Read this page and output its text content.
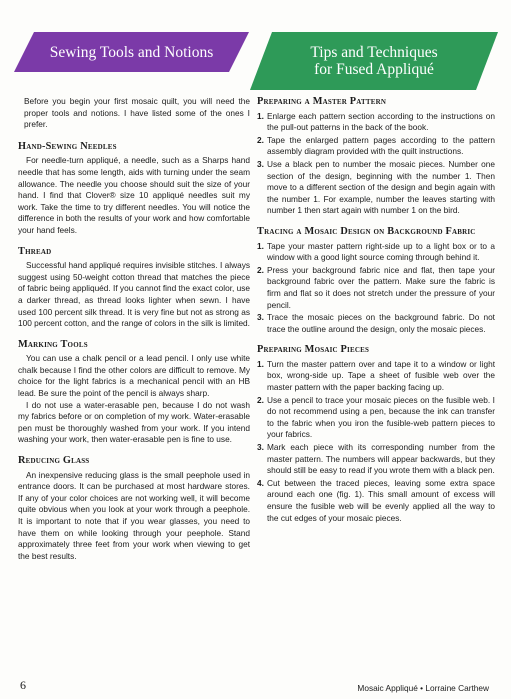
Sewing Tools and Notions	Tips and Techniques
for Fused Appliqué

Before you begin your first mosaic quilt, you will need the proper tools and notions. I have listed some of the ones I prefer.

Hand-Sewing Needles

For needle-turn appliqué, a needle, such as a Sharps hand needle that has some length, aids with turning under the seam allowance. The needle you choose should suit the size of your hand. I find that Clover® size 10 appliqué needles suit my work. Take the time to try different needles. You will notice the difference in both the results of your work and how comfortable your hand feels.

Thread

Successful hand appliqué requires invisible stitches. I always suggest using 50-weight cotton thread that matches the piece of fabric being appliquéd. If you cannot find the exact color, use a darker thread, as thread looks lighter when sewn. I have used 100 percent silk thread. It is very fine but not as strong as 100 percent cotton, and the range of colors in the silk is limited.

Marking Tools

You can use a chalk pencil or a lead pencil. I only use white chalk because I find the other colors are difficult to remove. My choice for the light fabrics is a mechanical pencil with an HB lead. Be sure the point of the pencil is always sharp.

I do not use a water-erasable pen, because I do not wash my fabrics before or on completion of my work. Water-erasable pen must be thoroughly washed from your work. If you intend washing your work, then water-erasable pen is fine to use.

Reducing Glass

An inexpensive reducing glass is the small peephole used in entrance doors. It can be purchased at most hardware stores. If any of your color choices are not working well, it will become quite obvious when you look at your work through a peephole. It is important to note that if you wear glasses, you need to have them on while looking through your peephole. Stand approximately three feet from your work when viewing to get the best results.

Preparing a Master Pattern
1. Enlarge each pattern section according to the instructions on the pull-out patterns in the back of the book.
2. Tape the enlarged pattern pages according to the pattern assembly diagram provided with the quilt instructions.
3. Use a black pen to number the mosaic pieces. Number one section of the design, beginning with the number 1. Then move to a different section of the design and begin again with the number 1. For example, number the leaves starting with number 1 then start again with number 1 on the bird.
Tracing a Mosaic Design on Background Fabric
1. Tape your master pattern right-side up to a light box or to a window with a good light source coming through behind it.
2. Press your background fabric nice and flat, then tape your background fabric over the pattern. Make sure the fabric is firm and flat so it does not stretch under the pressure of your pencil.
3. Trace the mosaic pieces on the background fabric. Do not trace the outline around the design, only the mosaic pieces.
Preparing Mosaic Pieces
1. Turn the master pattern over and tape it to a window or light box, wrong-side up. Tape a sheet of fusible web over the master pattern with the paper backing facing up.
2. Use a pencil to trace your mosaic pieces on the fusible web. I do not recommend using a pen, because the ink can transfer to the fabric when you iron the fusible-web pattern pieces to your fabrics.
3. Mark each piece with its corresponding number from the master pattern. The numbers will appear backwards, but they should still be easy to read if you wrote them with a black pen.
4. Cut between the traced pieces, leaving some extra space around each one (fig. 1). This small amount of excess will ensure the fusible web will be evenly applied all the way to the cut edges of your mosaic pieces.
6	Mosaic Appliqué • Lorraine Carthew
